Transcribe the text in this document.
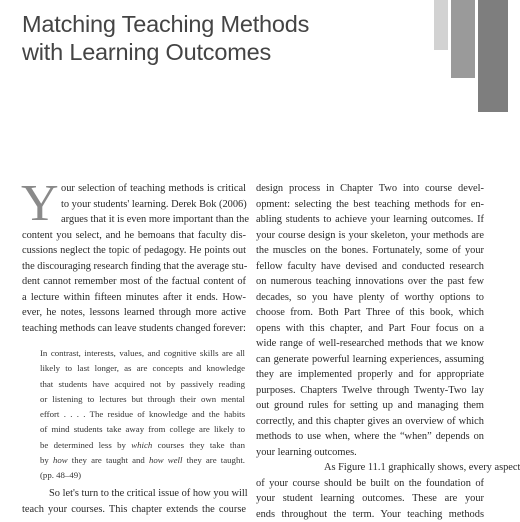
Matching Teaching Methods
with Learning Outcomes
Y our selection of teaching methods is critical
to your students' learning. Derek Bok (2006)
argues that it is even more important than the
content you select, and he bemoans that faculty dis-
cussions neglect the topic of pedagogy. He points out
the discouraging research finding that the average stu-
dent cannot remember most of the factual content of
a lecture within fifteen minutes after it ends. How-
ever, he notes, lessons learned through more active
teaching methods can leave students changed forever:
In contrast, interests, values, and cognitive skills are all
likely to last longer, as are concepts and knowledge
that students have acquired not by passively reading
or listening to lectures but through their own mental
effort . . . . The residue of knowledge and the habits
of mind students take away from college are likely to
be determined less by which courses they take than
by how they are taught and how well they are taught.
(pp. 48–49)
So let's turn to the critical issue of how you will
teach your courses. This chapter extends the course
design process in Chapter Two into course devel-
opment: selecting the best teaching methods for en-
abling students to achieve your learning outcomes. If
your course design is your skeleton, your methods are
the muscles on the bones. Fortunately, some of your
fellow faculty have devised and conducted research
on numerous teaching innovations over the past few
decades, so you have plenty of worthy options to
choose from. Both Part Three of this book, which
opens with this chapter, and Part Four focus on a
wide range of well-researched methods that we know
can generate powerful learning experiences, assuming
they are implemented properly and for appropriate
purposes. Chapters Twelve through Twenty-Two lay
out ground rules for setting up and managing them
correctly, and this chapter gives an overview of which
methods to use when, where the “when” depends on
your learning outcomes.
As Figure 11.1 graphically shows, every aspect
of your course should be built on the foundation of
your student learning outcomes. These are your
ends throughout the term. Your teaching methods
